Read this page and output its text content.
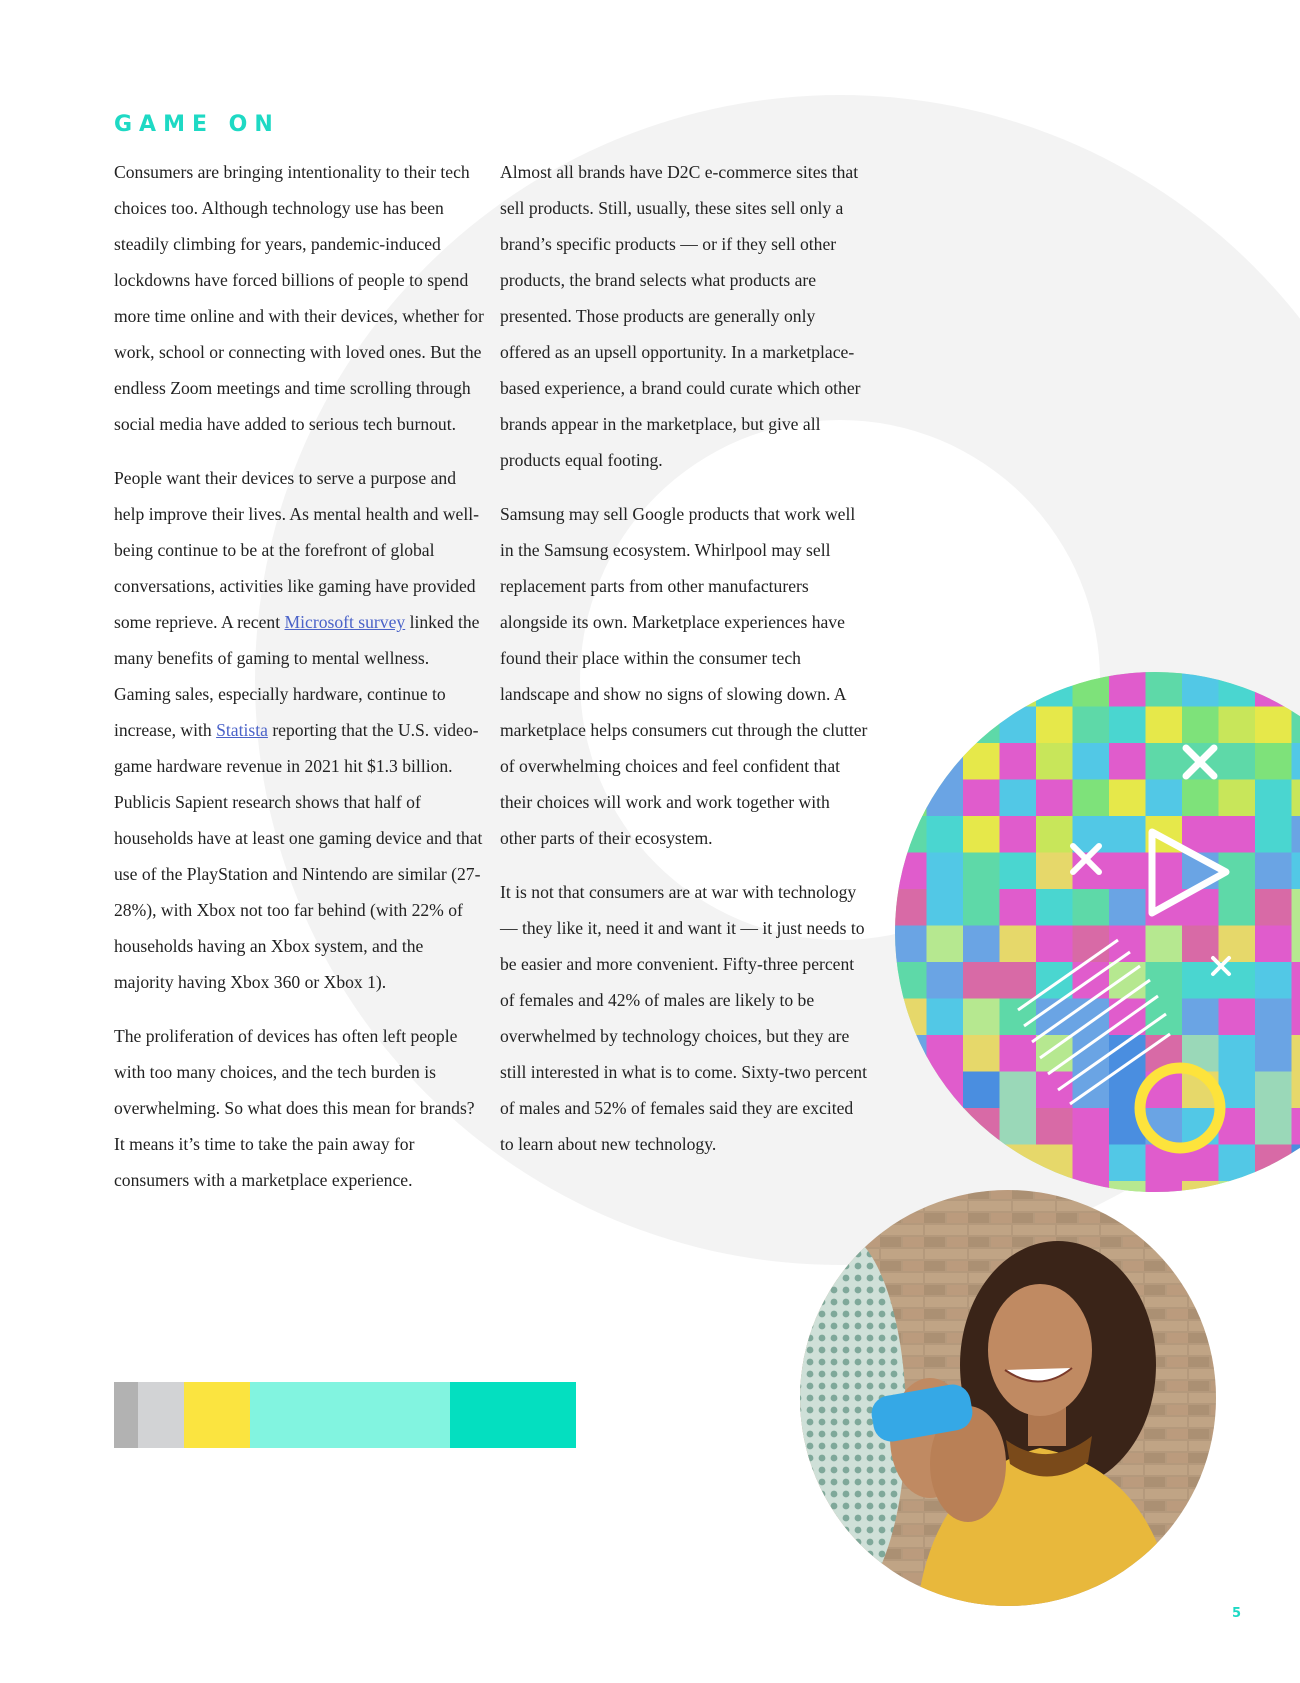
GAME ON

Consumers are bringing intentionality to their tech choices too. Although technology use has been steadily climbing for years, pandemic-induced lockdowns have forced billions of people to spend more time online and with their devices, whether for work, school or connecting with loved ones. But the endless Zoom meetings and time scrolling through social media have added to serious tech burnout.

People want their devices to serve a purpose and help improve their lives. As mental health and well-being continue to be at the forefront of global conversations, activities like gaming have provided some reprieve. A recent Microsoft survey linked the many benefits of gaming to mental wellness. Gaming sales, especially hardware, continue to increase, with Statista reporting that the U.S. video-game hardware revenue in 2021 hit $1.3 billion. Publicis Sapient research shows that half of households have at least one gaming device and that use of the PlayStation and Nintendo are similar (27-28%), with Xbox not too far behind (with 22% of households having an Xbox system, and the majority having Xbox 360 or Xbox 1).

The proliferation of devices has often left people with too many choices, and the tech burden is overwhelming. So what does this mean for brands? It means it’s time to take the pain away for consumers with a marketplace experience.

Almost all brands have D2C e-commerce sites that sell products. Still, usually, these sites sell only a brand’s specific products — or if they sell other products, the brand selects what products are presented. Those products are generally only offered as an upsell opportunity. In a marketplace-based experience, a brand could curate which other brands appear in the marketplace, but give all products equal footing.

Samsung may sell Google products that work well in the Samsung ecosystem. Whirlpool may sell replacement parts from other manufacturers alongside its own. Marketplace experiences have found their place within the consumer tech landscape and show no signs of slowing down. A marketplace helps consumers cut through the clutter of overwhelming choices and feel confident that their choices will work and work together with other parts of their ecosystem.

It is not that consumers are at war with technology — they like it, need it and want it — it just needs to be easier and more convenient. Fifty-three percent of females and 42% of males are likely to be overwhelmed by technology choices, but they are still interested in what is to come. Sixty-two percent of males and 52% of females said they are excited to learn about new technology.

5
